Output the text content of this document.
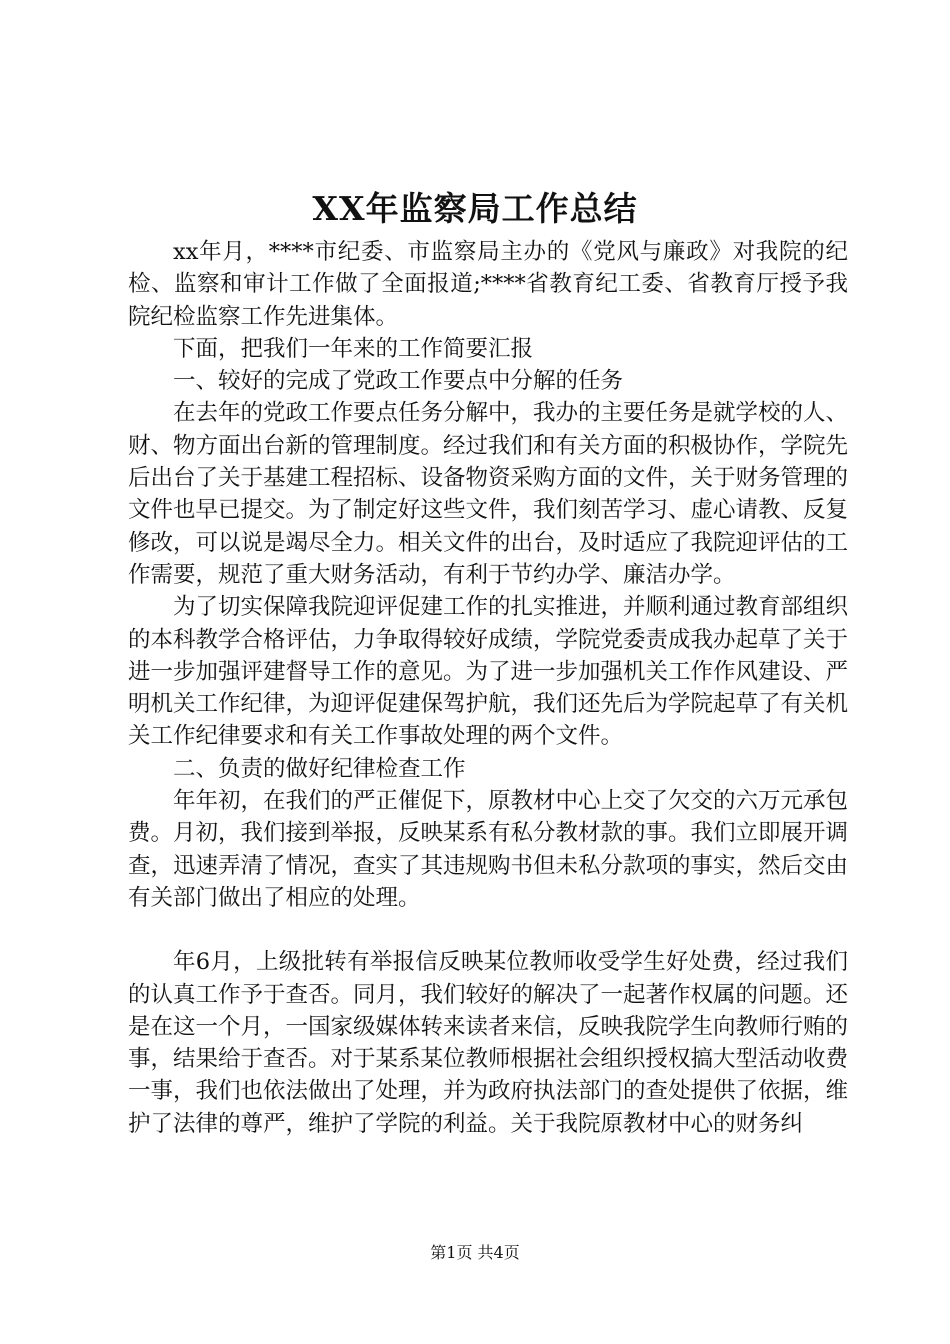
XX年监察局工作总结

xx年月，****市纪委、市监察局主办的《党风与廉政》对我院的纪检、监察和审计工作做了全面报道;****省教育纪工委、省教育厅授予我院纪检监察工作先进集体。

下面，把我们一年来的工作简要汇报

一、较好的完成了党政工作要点中分解的任务

在去年的党政工作要点任务分解中，我办的主要任务是就学校的人、财、物方面出台新的管理制度。经过我们和有关方面的积极协作，学院先后出台了关于基建工程招标、设备物资采购方面的文件，关于财务管理的文件也早已提交。为了制定好这些文件，我们刻苦学习、虚心请教、反复修改，可以说是竭尽全力。相关文件的出台，及时适应了我院迎评估的工作需要，规范了重大财务活动，有利于节约办学、廉洁办学。

为了切实保障我院迎评促建工作的扎实推进，并顺利通过教育部组织的本科教学合格评估，力争取得较好成绩，学院党委责成我办起草了关于进一步加强评建督导工作的意见。为了进一步加强机关工作作风建设、严明机关工作纪律，为迎评促建保驾护航，我们还先后为学院起草了有关机关工作纪律要求和有关工作事故处理的两个文件。

二、负责的做好纪律检查工作

年年初，在我们的严正催促下，原教材中心上交了欠交的六万元承包费。月初，我们接到举报，反映某系有私分教材款的事。我们立即展开调查，迅速弄清了情况，查实了其违规购书但未私分款项的事实，然后交由有关部门做出了相应的处理。

年6月，上级批转有举报信反映某位教师收受学生好处费，经过我们的认真工作予于查否。同月，我们较好的解决了一起著作权属的问题。还是在这一个月，一国家级媒体转来读者来信，反映我院学生向教师行贿的事，结果给于查否。对于某系某位教师根据社会组织授权搞大型活动收费一事，我们也依法做出了处理，并为政府执法部门的查处提供了依据，维护了法律的尊严，维护了学院的利益。关于我院原教材中心的财务纠

第1页 共4页
